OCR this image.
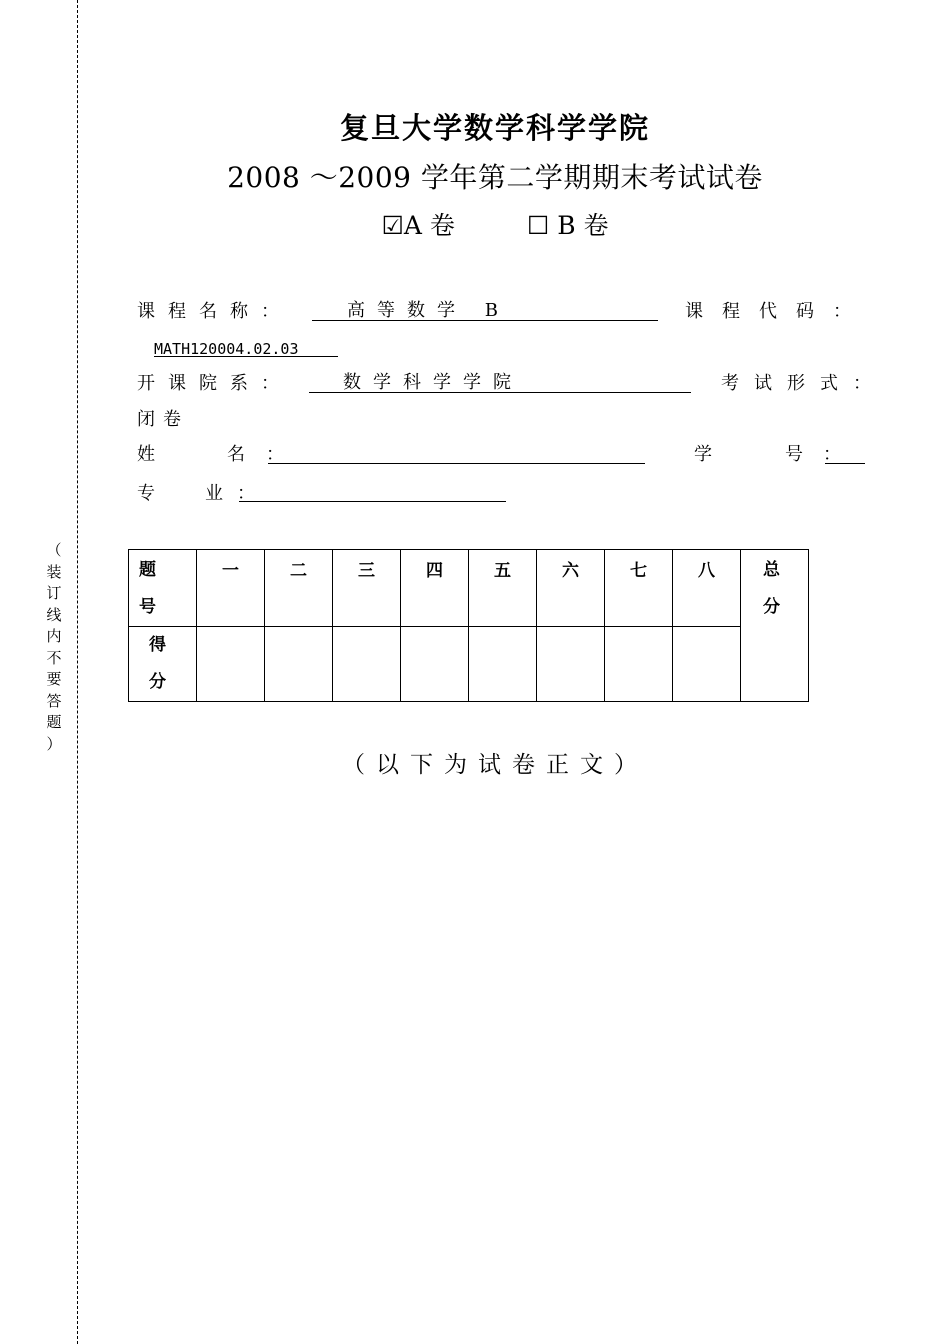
（
装
订
线
内
不
要
答
题
）
复旦大学数学科学学院
2008 ～2009 学年第二学期期末考试试卷
☑A 卷	☐ B 卷
课程名称：	高等数学 B	课程代码：
MATH120004.02.03
开课院系：	数学科学学院	考试形式：
闭卷
姓	名 ：	学	号 ：
专	业 ：
题
号	一	二	三	四	五	六	七	八	总
分

得
分									

（以下为试卷正文）
